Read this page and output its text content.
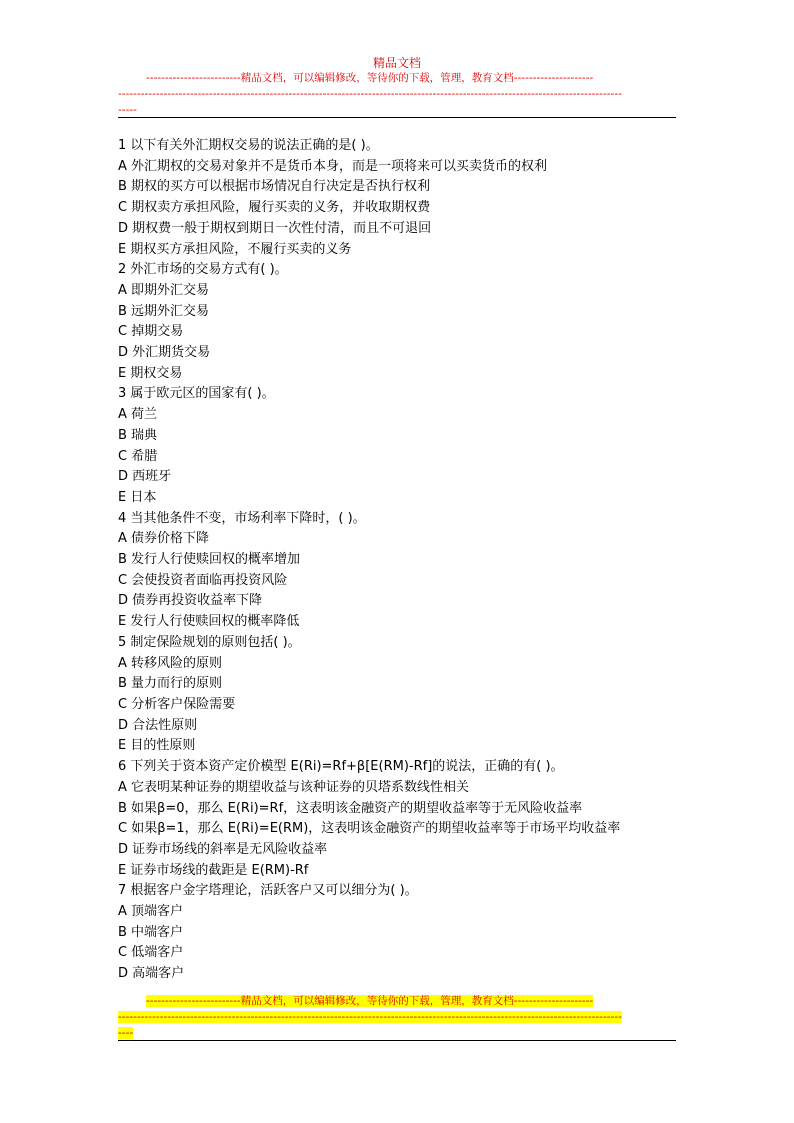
精品文档
-------------------------精品文档，可以编辑修改，等待你的下载，管理，教育文档---------------------
-------------------------------------------------------------------------------------------------------------------------------------
-----
1 以下有关外汇期权交易的说法正确的是( )。
A 外汇期权的交易对象并不是货币本身，而是一项将来可以买卖货币的权利
B 期权的买方可以根据市场情况自行决定是否执行权利
C 期权卖方承担风险，履行买卖的义务，并收取期权费
D 期权费一般于期权到期日一次性付清，而且不可退回
E 期权买方承担风险，不履行买卖的义务
2 外汇市场的交易方式有( )。
A 即期外汇交易
B 远期外汇交易
C 掉期交易
D 外汇期货交易
E 期权交易
3 属于欧元区的国家有( )。
A 荷兰
B 瑞典
C 希腊
D 西班牙
E 日本
4 当其他条件不变，市场利率下降时，( )。
A 债券价格下降
B 发行人行使赎回权的概率增加
C 会使投资者面临再投资风险
D 债券再投资收益率下降
E 发行人行使赎回权的概率降低
5 制定保险规划的原则包括( )。
A 转移风险的原则
B 量力而行的原则
C 分析客户保险需要
D 合法性原则
E 目的性原则
6 下列关于资本资产定价模型 E(Ri)=Rf+β[E(RM)-Rf]的说法，正确的有( )。
A 它表明某种证券的期望收益与该种证券的贝塔系数线性相关
B 如果β=0，那么 E(Ri)=Rf，这表明该金融资产的期望收益率等于无风险收益率
C 如果β=1，那么 E(Ri)=E(RM)，这表明该金融资产的期望收益率等于市场平均收益率
D 证券市场线的斜率是无风险收益率
E 证券市场线的截距是 E(RM)-Rf
7 根据客户金字塔理论，活跃客户又可以细分为( )。
A 顶端客户
B 中端客户
C 低端客户
D 高端客户
-------------------------精品文档，可以编辑修改，等待你的下载，管理，教育文档---------------------
-------------------------------------------------------------------------------------------------------------------------------------
----
